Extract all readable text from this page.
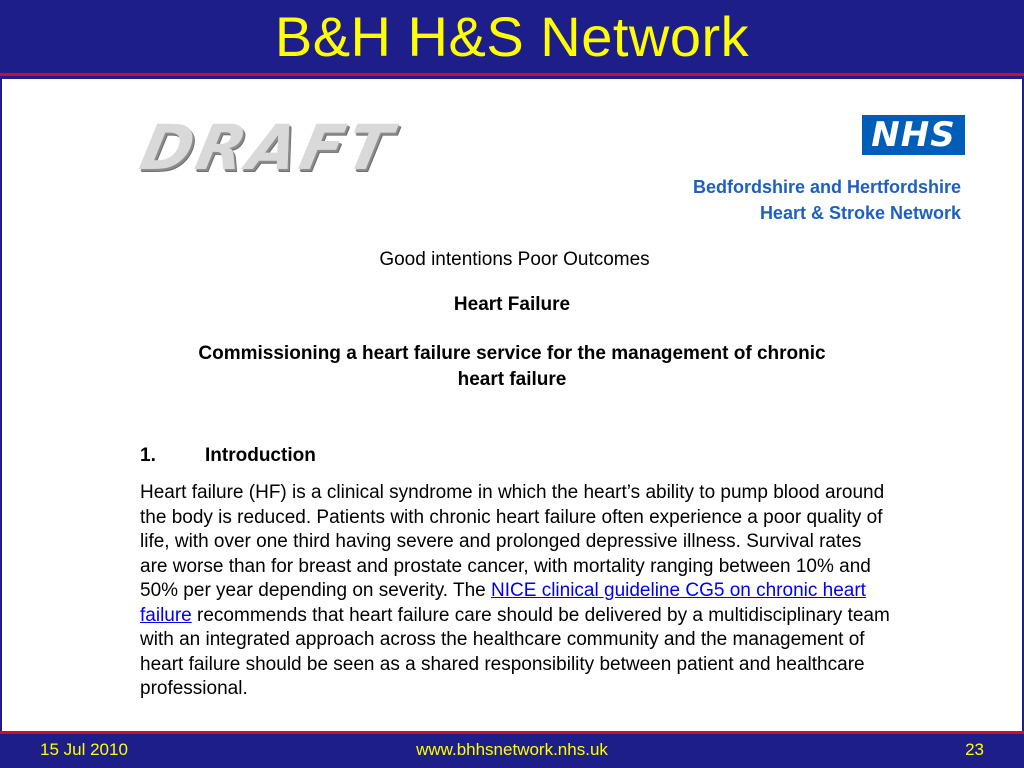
B&H H&S Network
DRAFT	NHS
Bedfordshire and Hertfordshire
Heart & Stroke Network
Good intentions Poor Outcomes
Heart Failure
Commissioning a heart failure service for the management of chronic
heart failure
1.	Introduction
Heart failure (HF) is a clinical syndrome in which the heart’s ability to pump blood around the body is reduced. Patients with chronic heart failure often experience a poor quality of life, with over one third having severe and prolonged depressive illness. Survival rates are worse than for breast and prostate cancer, with mortality ranging between 10% and 50% per year depending on severity. The NICE clinical guideline CG5 on chronic heart failure recommends that heart failure care should be delivered by a multidisciplinary team with an integrated approach across the healthcare community and the management of heart failure should be seen as a shared responsibility between patient and healthcare professional.
15 Jul 2010	www.bhhsnetwork.nhs.uk	23
